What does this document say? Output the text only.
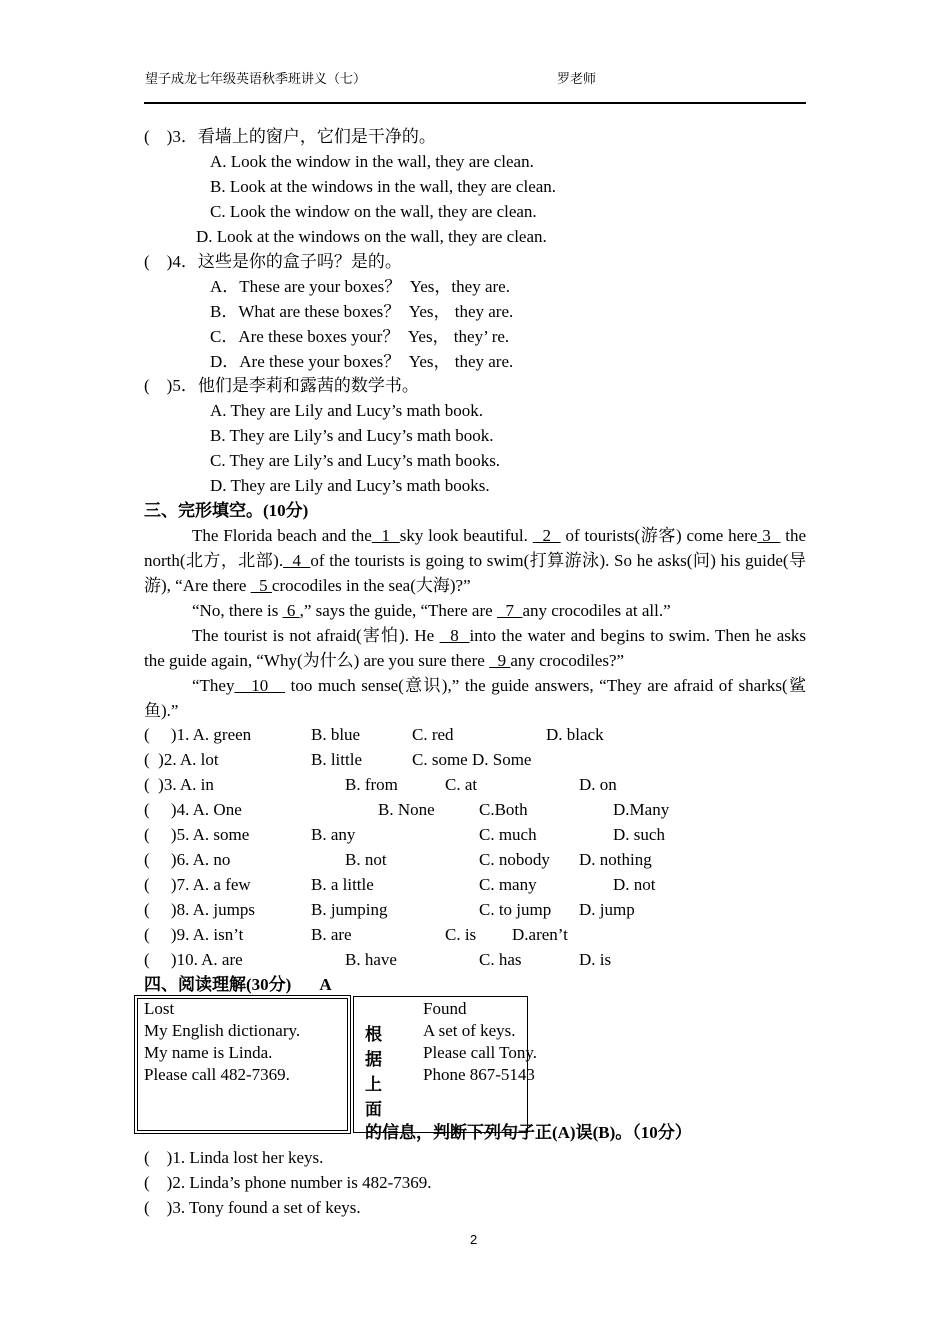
望子成龙七年级英语秋季班讲义（七）	罗老师
(    )3．看墙上的窗户，它们是干净的。
A. Look the window in the wall, they are clean.
B. Look at the windows in the wall, they are clean.
C. Look the window on the wall, they are clean.
D. Look at the windows on the wall, they are clean.
(    )4．这些是你的盒子吗？是的。
A．These are your boxes？  Yes，they are.
B．What are these boxes？  Yes， they are.
C．Are these boxes your？  Yes， they’ re.
D．Are these your boxes？  Yes， they are.
(    )5．他们是李莉和露茜的数学书。
A. They are Lily and Lucy’s math book.
B. They are Lily’s and Lucy’s math book.
C. They are Lily’s and Lucy’s math books.
D. They are Lily and Lucy’s math books.
三、完形填空。(10分)
The Florida beach and the  1  sky look beautiful.   2   of tourists(游客) come here 3   the north(北方，北部).  4  of the tourists is going to swim(打算游泳). So he asks(问) his guide(导游), “Are there   5 crocodiles in the sea(大海)?”
“No, there is  6 ,” says the guide, “There are   7  any crocodiles at all.”
The tourist is not afraid(害怕). He   8  into the water and begins to swim. Then he asks the guide again, “Why(为什么) are you sure there   9 any crocodiles?”
“They   10    too much sense(意识),” the guide answers, “They are afraid of sharks(鲨鱼).”
(     )1. A. green	B. blue	C. red	D. black
(  )2. A. lot	B. little	C. some D. Some
(  )3. A. in	B. from	C. at	D. on
(     )4. A. One	B. None	C.Both	D.Many
(     )5. A. some	B. any	C. much	D. such
(     )6. A. no	B. not	C. nobody D. nothing
(     )7. A. a few	B. a little	C. many	D. not
(     )8. A. jumps	B. jumping	C. to jump D. jump
(     )9. A. isn’t	B. are	C. is D.aren’t
(     )10. A. are	B. have	C. has	D. is
四、阅读理解(30分) A
Lost
My English dictionary.
My name is Linda.
Please call 482-7369.
Found
A set of keys.
Please call Tony.
Phone 867-5143
根
据
上
面
的信息，判断下列句子正(A)误(B)。（10分）
(    )1. Linda lost her keys.
(    )2. Linda’s phone number is 482-7369.
(    )3. Tony found a set of keys.
2
